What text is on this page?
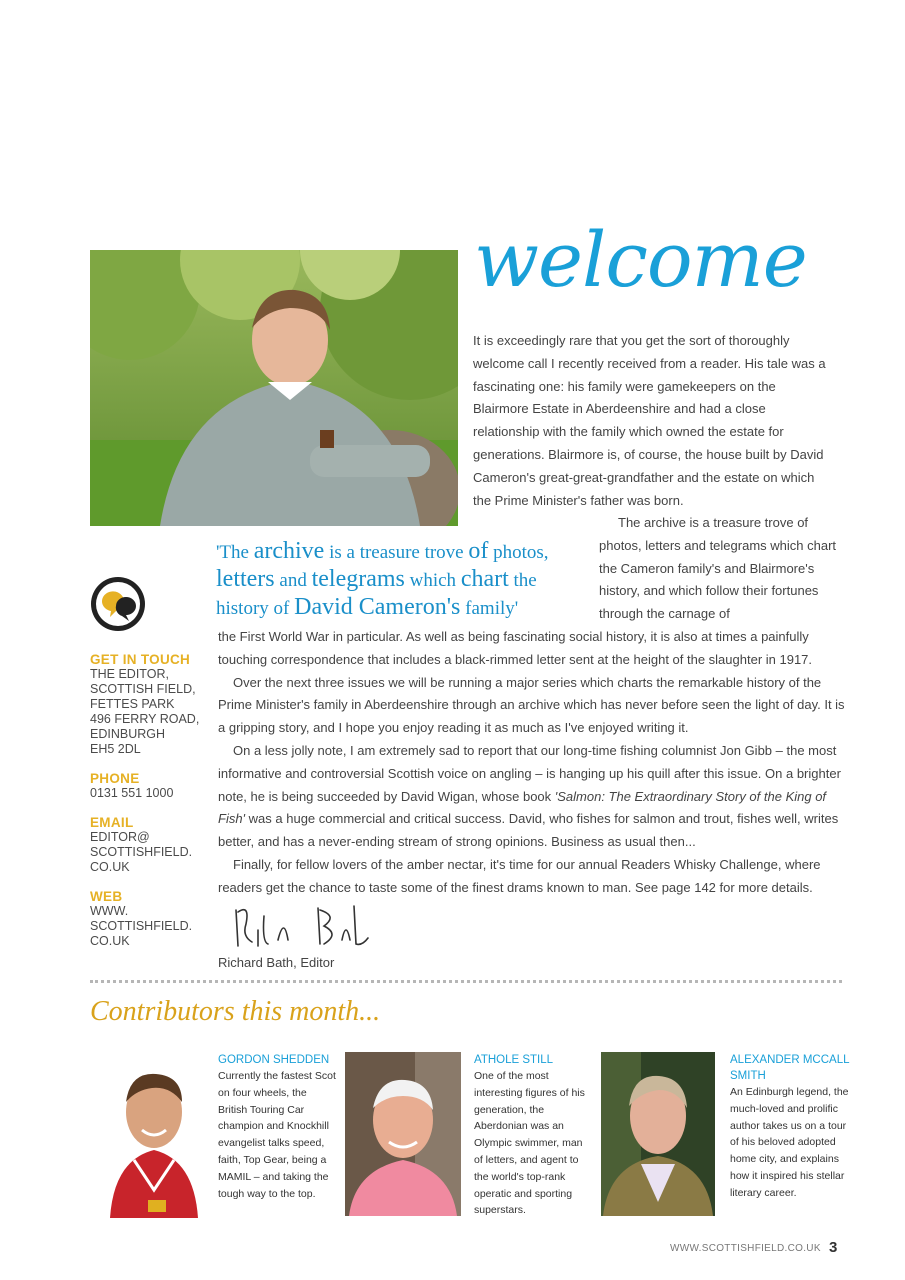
welcome
It is exceedingly rare that you get the sort of thoroughly welcome call I recently received from a reader. His tale was a fascinating one: his family were gamekeepers on the Blairmore Estate in Aberdeenshire and had a close relationship with the family which owned the estate for generations. Blairmore is, of course, the house built by David Cameron's great-great-grandfather and the estate on which the Prime Minister's father was born.
The archive is a treasure trove of photos, letters and telegrams which chart the Cameron family's and Blairmore's history, and which follow their fortunes through the carnage of
'The archive is a treasure trove of photos,
letters and telegrams which chart the
history of David Cameron's family'

the First World War in particular. As well as being fascinating social history, it is also at times a painfully touching correspondence that includes a black-rimmed letter sent at the height of the slaughter in 1917.

Over the next three issues we will be running a major series which charts the remarkable history of the Prime Minister's family in Aberdeenshire through an archive which has never before seen the light of day. It is a gripping story, and I hope you enjoy reading it as much as I've enjoyed writing it.

On a less jolly note, I am extremely sad to report that our long-time fishing columnist Jon Gibb – the most informative and controversial Scottish voice on angling – is hanging up his quill after this issue. On a brighter note, he is being succeeded by David Wigan, whose book 'Salmon: The Extraordinary Story of the King of Fish' was a huge commercial and critical success. David, who fishes for salmon and trout, fishes well, writes better, and has a never-ending stream of strong opinions. Business as usual then...

Finally, for fellow lovers of the amber nectar, it's time for our annual Readers Whisky Challenge, where readers get the chance to taste some of the finest drams known to man. See page 142 for more details.

GET IN TOUCH
THE EDITOR,
SCOTTISH FIELD,
FETTES PARK
496 FERRY ROAD,
EDINBURGH
EH5 2DL
PHONE
0131 551 1000
EMAIL
EDITOR@
SCOTTISHFIELD.
CO.UK
WEB
WWW.
SCOTTISHFIELD.
CO.UK
Richard Bath, Editor
Contributors this month...
GORDON SHEDDEN
Currently the fastest Scot on four wheels, the British Touring Car champion and Knockhill evangelist talks speed, faith, Top Gear, being a MAMIL – and taking the tough way to the top.
ATHOLE STILL
One of the most interesting figures of his generation, the Aberdonian was an Olympic swimmer, man of letters, and agent to the world's top-rank operatic and sporting superstars.
ALEXANDER MCCALL SMITH
An Edinburgh legend, the much-loved and prolific author takes us on a tour of his beloved adopted home city, and explains how it inspired his stellar literary career.
WWW.SCOTTISHFIELD.CO.UK 3
